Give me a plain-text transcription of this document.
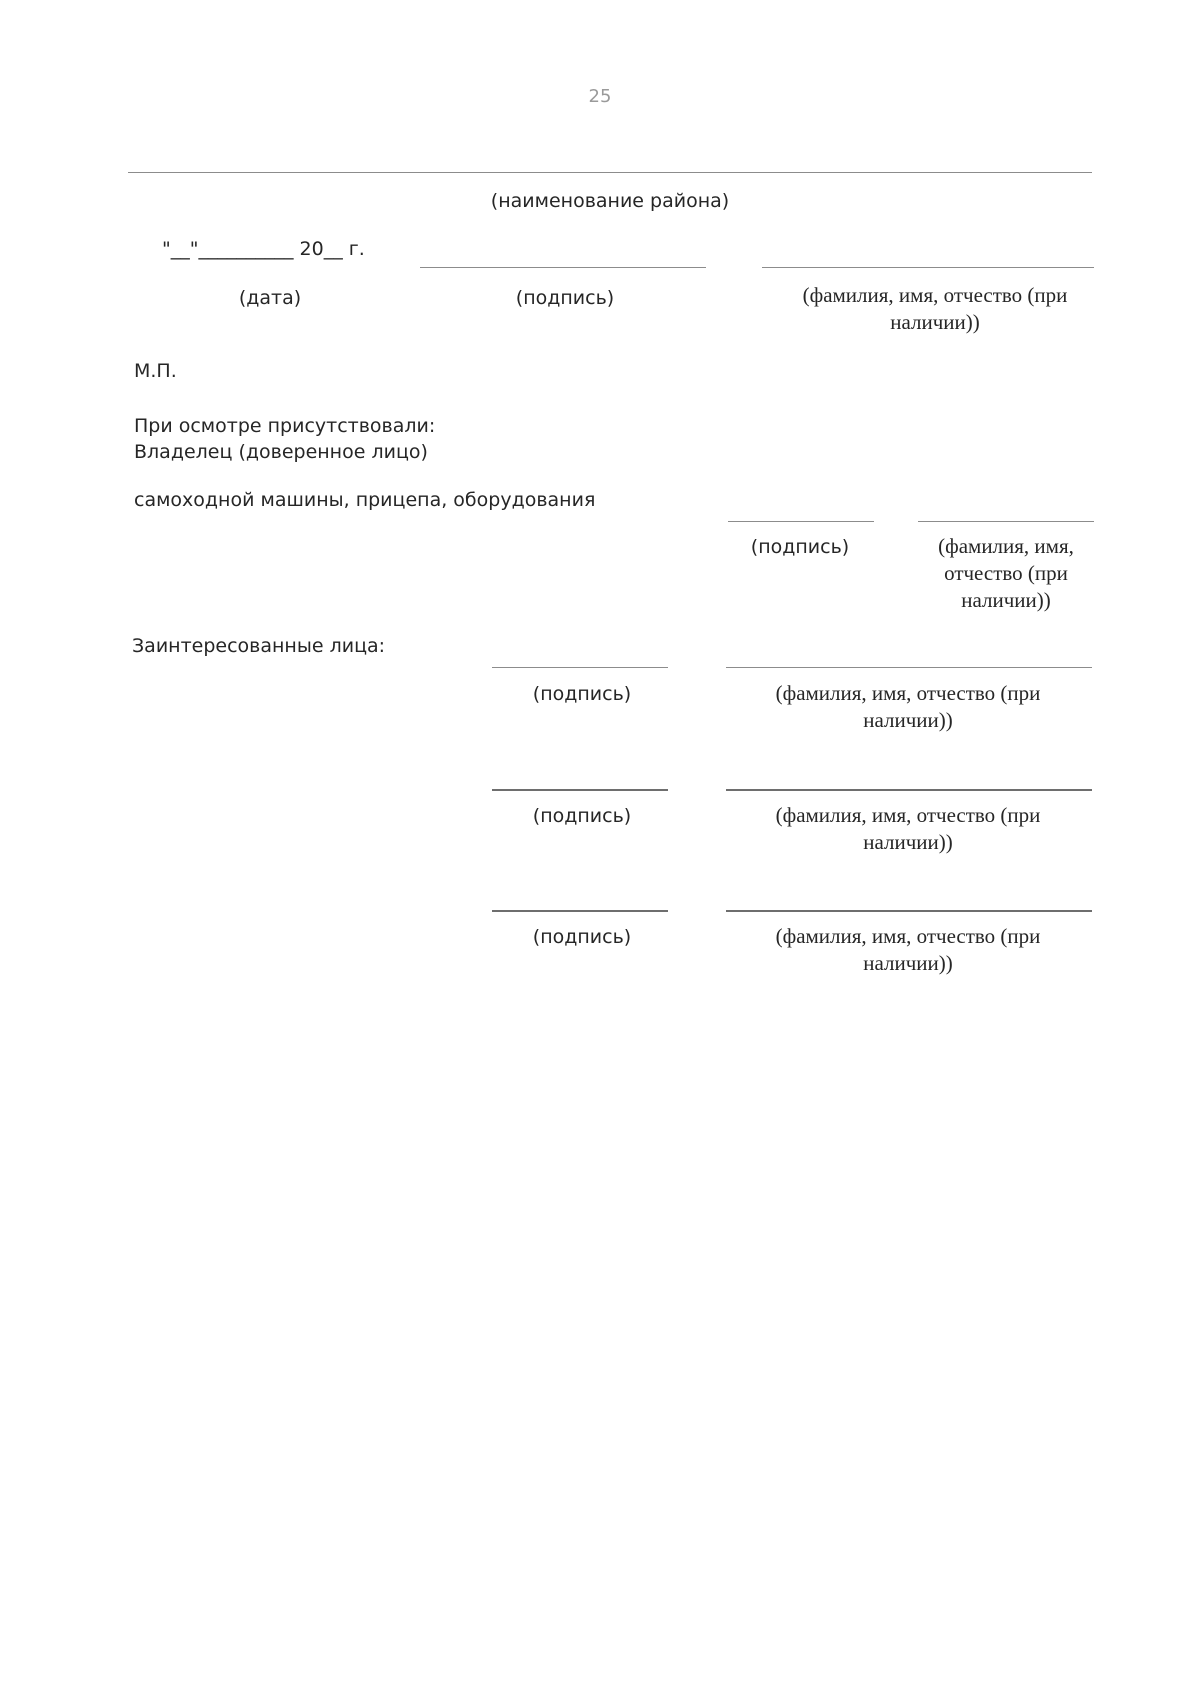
25
(наименование района)
"__"__________ 20__ г.
(дата)	(подпись)	(фамилия, имя, отчество (при наличии))
М.П.
При осмотре присутствовали:
Владелец (доверенное лицо)
самоходной машины, прицепа, оборудования
(подпись)	(фамилия, имя, отчество (при наличии))
Заинтересованные лица:
(подпись)	(фамилия, имя, отчество (при наличии))
(подпись)	(фамилия, имя, отчество (при наличии))
(подпись)	(фамилия, имя, отчество (при наличии))
